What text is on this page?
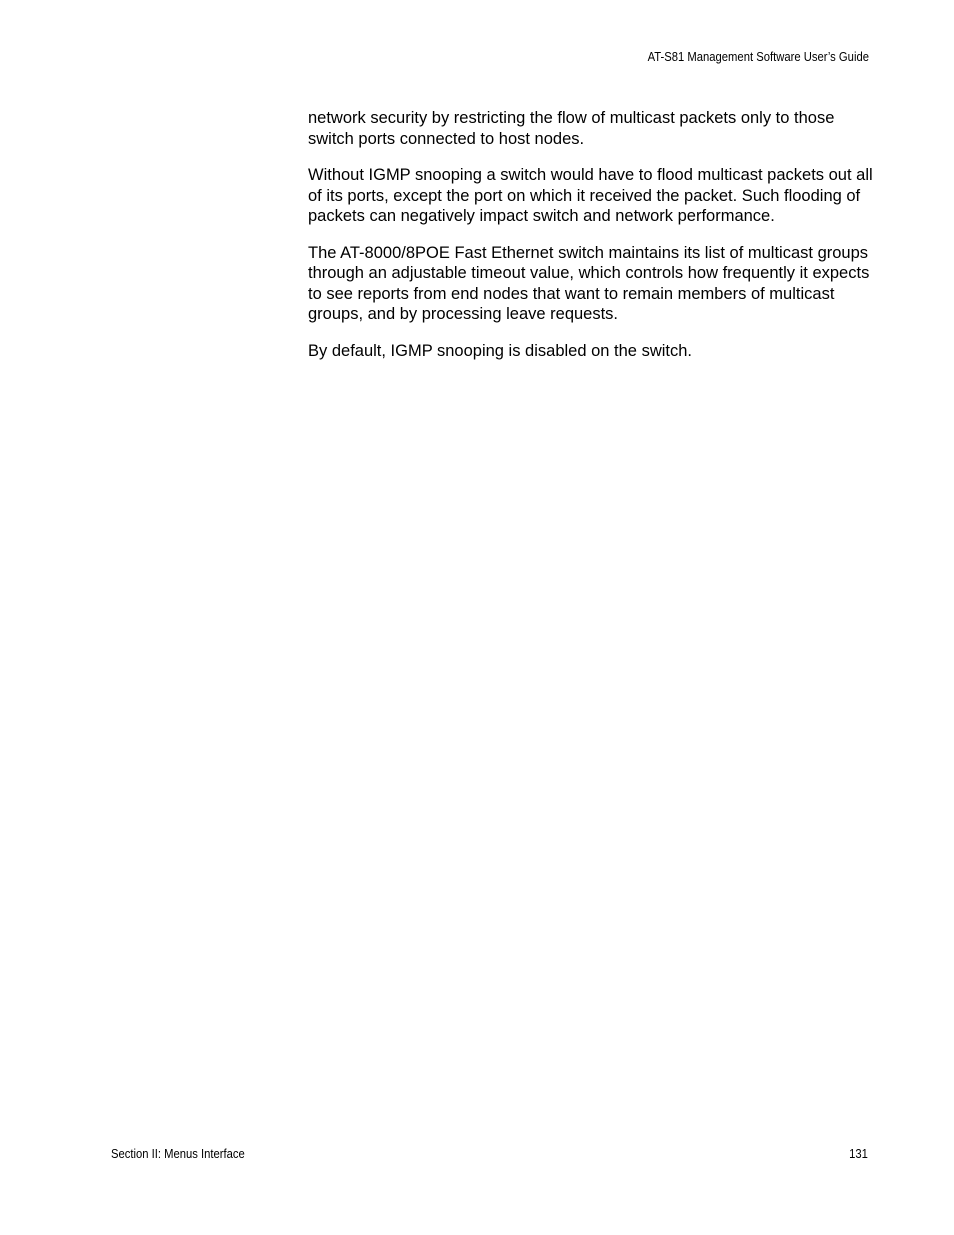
AT-S81 Management Software User’s Guide

network security by restricting the flow of multicast packets only to those switch ports connected to host nodes.

Without IGMP snooping a switch would have to flood multicast packets out all of its ports, except the port on which it received the packet. Such flooding of packets can negatively impact switch and network performance.

The AT-8000/8POE Fast Ethernet switch maintains its list of multicast groups through an adjustable timeout value, which controls how frequently it expects to see reports from end nodes that want to remain members of multicast groups, and by processing leave requests.

By default, IGMP snooping is disabled on the switch.

Section II: Menus Interface	131
